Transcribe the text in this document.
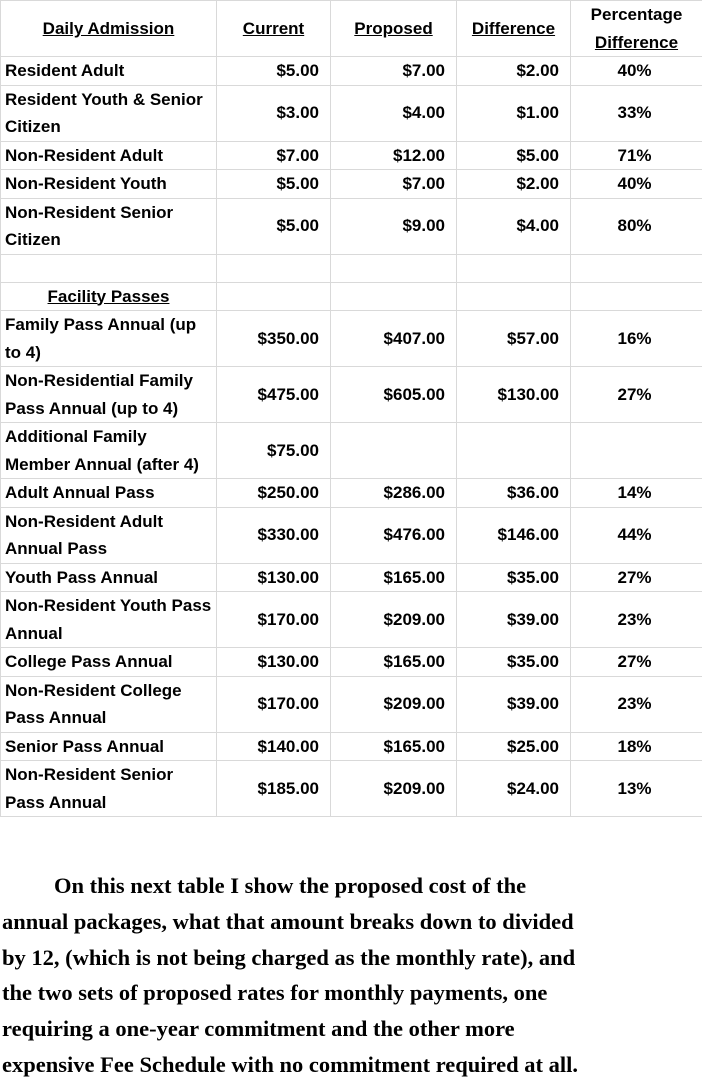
Daily Admission	Current	Proposed	Difference	Percentage
Difference
Resident Adult	$5.00	$7.00	$2.00	40%
Resident Youth & Senior Citizen	$3.00	$4.00	$1.00	33%
Non-Resident Adult	$7.00	$12.00	$5.00	71%
Non-Resident Youth	$5.00	$7.00	$2.00	40%
Non-Resident Senior Citizen	$5.00	$9.00	$4.00	80%

Facility Passes				
Family Pass Annual (up to 4)	$350.00	$407.00	$57.00	16%
Non-Residential Family Pass Annual (up to 4)	$475.00	$605.00	$130.00	27%
Additional Family Member Annual (after 4)	$75.00			
Adult Annual Pass	$250.00	$286.00	$36.00	14%
Non-Resident Adult Annual Pass	$330.00	$476.00	$146.00	44%
Youth Pass Annual	$130.00	$165.00	$35.00	27%
Non-Resident Youth Pass Annual	$170.00	$209.00	$39.00	23%
College Pass Annual	$130.00	$165.00	$35.00	27%
Non-Resident College Pass Annual	$170.00	$209.00	$39.00	23%
Senior Pass Annual	$140.00	$165.00	$25.00	18%
Non-Resident Senior Pass Annual	$185.00	$209.00	$24.00	13%
On this next table I show the proposed cost of the
annual packages, what that amount breaks down to divided
by 12, (which is not being charged as the monthly rate), and
the two sets of proposed rates for monthly payments, one
requiring a one-year commitment and the other more
expensive Fee Schedule with no commitment required at all.
